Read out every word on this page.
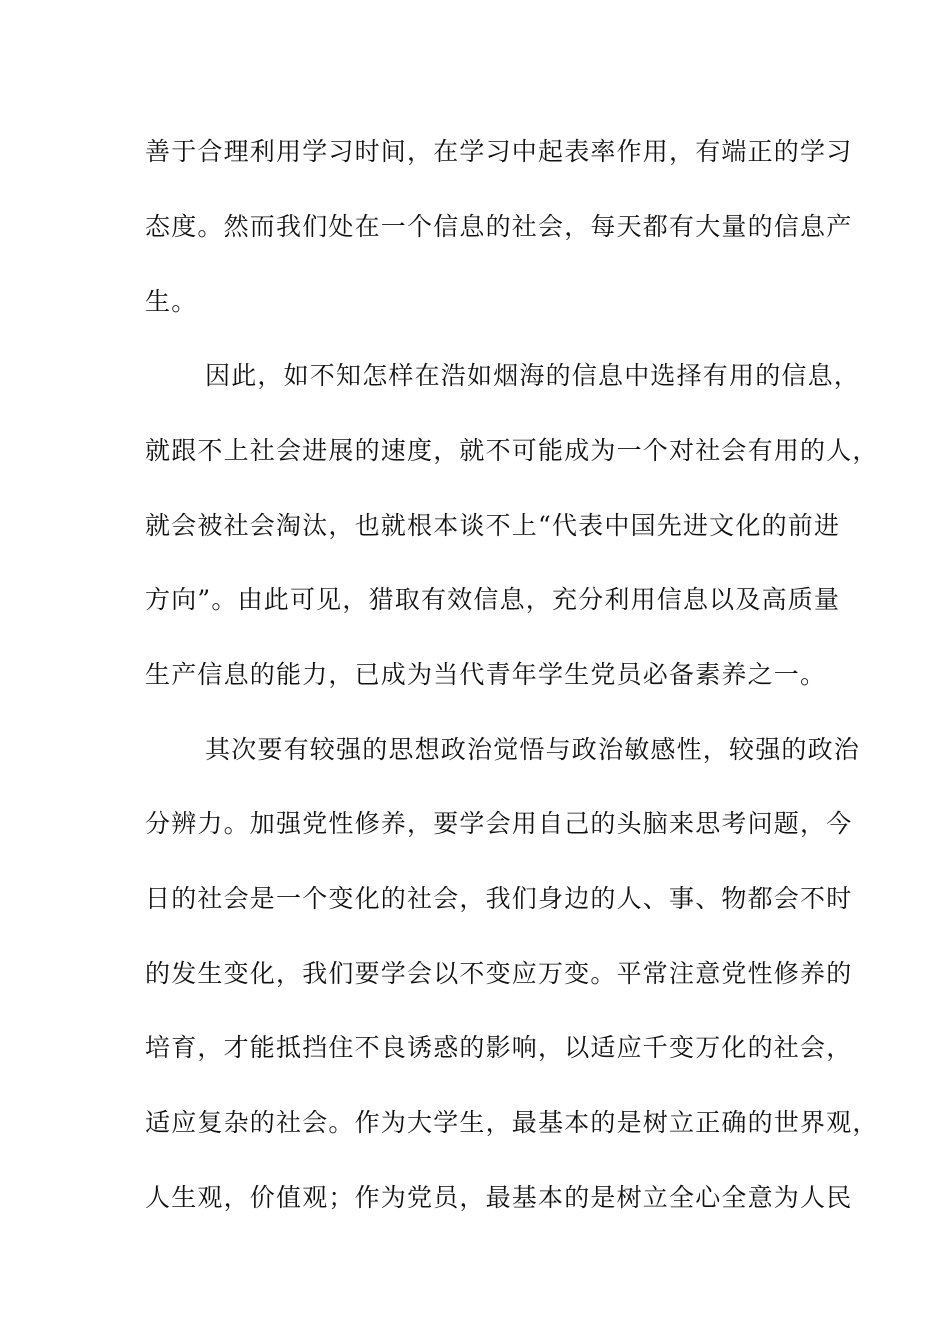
善于合理利用学习时间，在学习中起表率作用，有端正的学习
态度。然而我们处在一个信息的社会，每天都有大量的信息产
生。
因此，如不知怎样在浩如烟海的信息中选择有用的信息，
就跟不上社会进展的速度，就不可能成为一个对社会有用的人，
就会被社会淘汰，也就根本谈不上“代表中国先进文化的前进
方向”。由此可见，猎取有效信息，充分利用信息以及高质量
生产信息的能力，已成为当代青年学生党员必备素养之一。
其次要有较强的思想政治觉悟与政治敏感性，较强的政治
分辨力。加强党性修养，要学会用自己的头脑来思考问题，今
日的社会是一个变化的社会，我们身边的人、事、物都会不时
的发生变化，我们要学会以不变应万变。平常注意党性修养的
培育，才能抵挡住不良诱惑的影响，以适应千变万化的社会，
适应复杂的社会。作为大学生，最基本的是树立正确的世界观，
人生观，价值观；作为党员，最基本的是树立全心全意为人民
